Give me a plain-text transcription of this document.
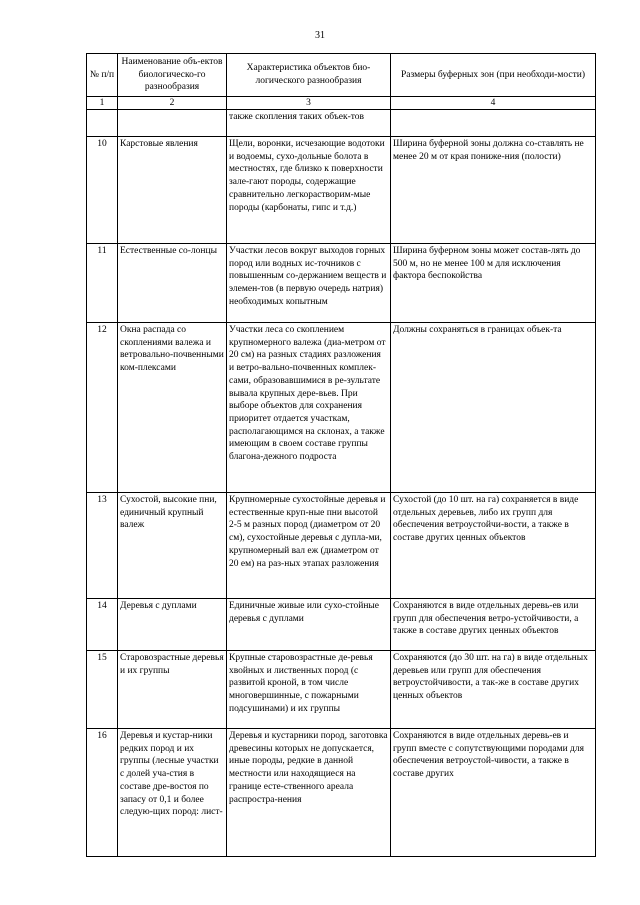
31
№ п/п	Наименование объ-ектов биологическо-го разнообразия	Характеристика объектов био-логического разнообразия	Размеры буферных зон (при необходи-мости)
1	2	3	4
		также скопления таких объек-тов	
10	Карстовые явления	Щели, воронки, исчезающие водотоки и водоемы, сухо-дольные болота в местностях, где близко к поверхности зале-гают породы, содержащие сравнительно легкорастворим-мые породы (карбонаты, гипс и т.д.)	Ширина буферной зоны должна со-ставлять не менее 20 м от края пониже-ния (полости)
11	Естественные со-лонцы	Участки лесов вокруг выходов горных пород или водных ис-точников с повышенным со-держанием веществ и элемен-тов (в первую очередь натрия) необходимых копытным	Ширина буферном зоны может состав-лять до 500 м, но не менее 100 м для исключения фактора беспокойства
12	Окна распада со скоплениями валежа и ветровально-почвенными ком-плексами	Участки леса со скоплением крупномерного валежа (диа-метром от 20 см) на разных стадиях разложения и ветро-вально-почвенных комплек-сами, образовавшимися в ре-зультате вывала крупных дере-вьев. При выборе объектов для сохранения приоритет отдается участкам, располагающимся на склонах, а также имеющим в своем составе группы благона-дежного подроста	Должны сохраняться в границах объек-та
13	Сухостой, высокие пни, единичный крупный валеж	Крупномерные сухостойные деревья и естественные круп-ные пни высотой 2-5 м разных пород (диаметром от 20 см), сухостойные деревья с дупла-ми, крупномерный вал еж (диаметром от 20 ем) на раз-ных этапах разложения	Сухостой (до 10 шт. на га) сохраняется в виде отдельных деревьев, либо их групп для обеспечения ветроустойчи-вости, а также в составе других ценных объектов
14	Деревья с дуплами	Единичные живые или сухо-стойные деревья с дуплами	Сохраняются в виде отдельных деревь-ев или групп для обеспечения ветро-устойчивости, а также в составе других ценных объектов
15	Старовозрастные деревья и их группы	Крупные старовозрастные де-ревья хвойных и лиственных пород (с развитой кроной, в том числе многовершинные, с пожарными подсушинами) и их группы	Сохраняются (до 30 шт. на га) в виде отдельных деревьев или групп для обеспечения ветроустойчивости, а так-же в составе других ценных объектов
16	Деревья и кустар-ники редких пород и их группы (лесные участки с долей уча-стия в составе дре-востоя по запасу от 0,1 и более следую-щих пород: лист-	Деревья и кустарники пород, заготовка древесины которых не допускается, иные породы, редкие в данной местности или находящиеся на границе есте-ственного ареала распростра-нения	Сохраняются в виде отдельных деревь-ев и групп вместе с сопутствующими породами для обеспечения ветроустой-чивости, а также в составе других
